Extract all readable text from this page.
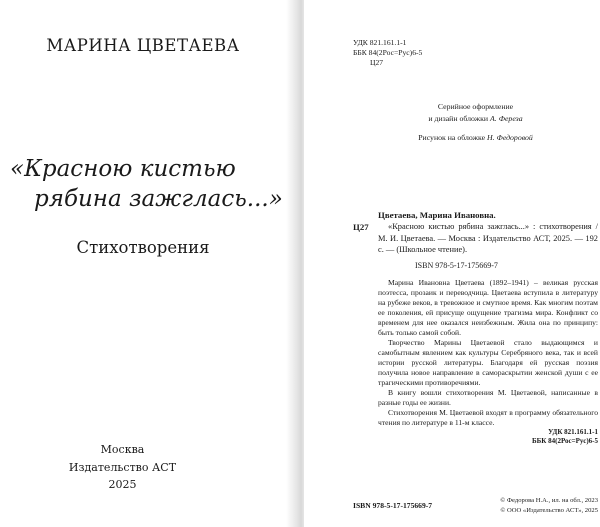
МАРИНА ЦВЕТАЕВА
«Красною кистью
рябина зажглась...»
Стихотворения
Москва
Издательство АСТ
2025
УДК 821.161.1-1
ББК 84(2Рос=Рус)6-5
Ц27
Серийное оформление
и дизайн обложки А. Фереза
Рисунок на обложке Н. Федоровой
Цветаева, Марина Ивановна.
Ц27	«Красною кистью рябина зажглась...» : стихотворения / М. И. Цветаева. — Москва : Издательство АСТ, 2025. — 192 с. — (Школьное чтение).
ISBN 978-5-17-175669-7

Марина Ивановна Цветаева (1892–1941) – великая русская поэтесса, прозаик и переводчица. Цветаева вступила в литературу на рубеже веков, в тревожное и смутное время. Как многим поэтам ее поколения, ей присуще ощущение трагизма мира. Конфликт со временем для нее оказался неизбежным. Жила она по принципу: быть только самой собой.

Творчество Марины Цветаевой стало выдающимся и самобытным явлением как культуры Серебряного века, так и всей истории русской литературы. Благодаря ей русская поэзия получила новое направление в самораскрытии женской души с ее трагическими противоречиями.

В книгу вошли стихотворения М. Цветаевой, написанные в разные годы ее жизни.

Стихотворения М. Цветаевой входят в программу обязательного чтения по литературе в 11-м классе.

УДК 821.161.1-1
ББК 84(2Рос=Рус)6-5
ISBN 978-5-17-175669-7
© Федорова Н.А., ил. на обл., 2023
© ООО «Издательство АСТ», 2025
